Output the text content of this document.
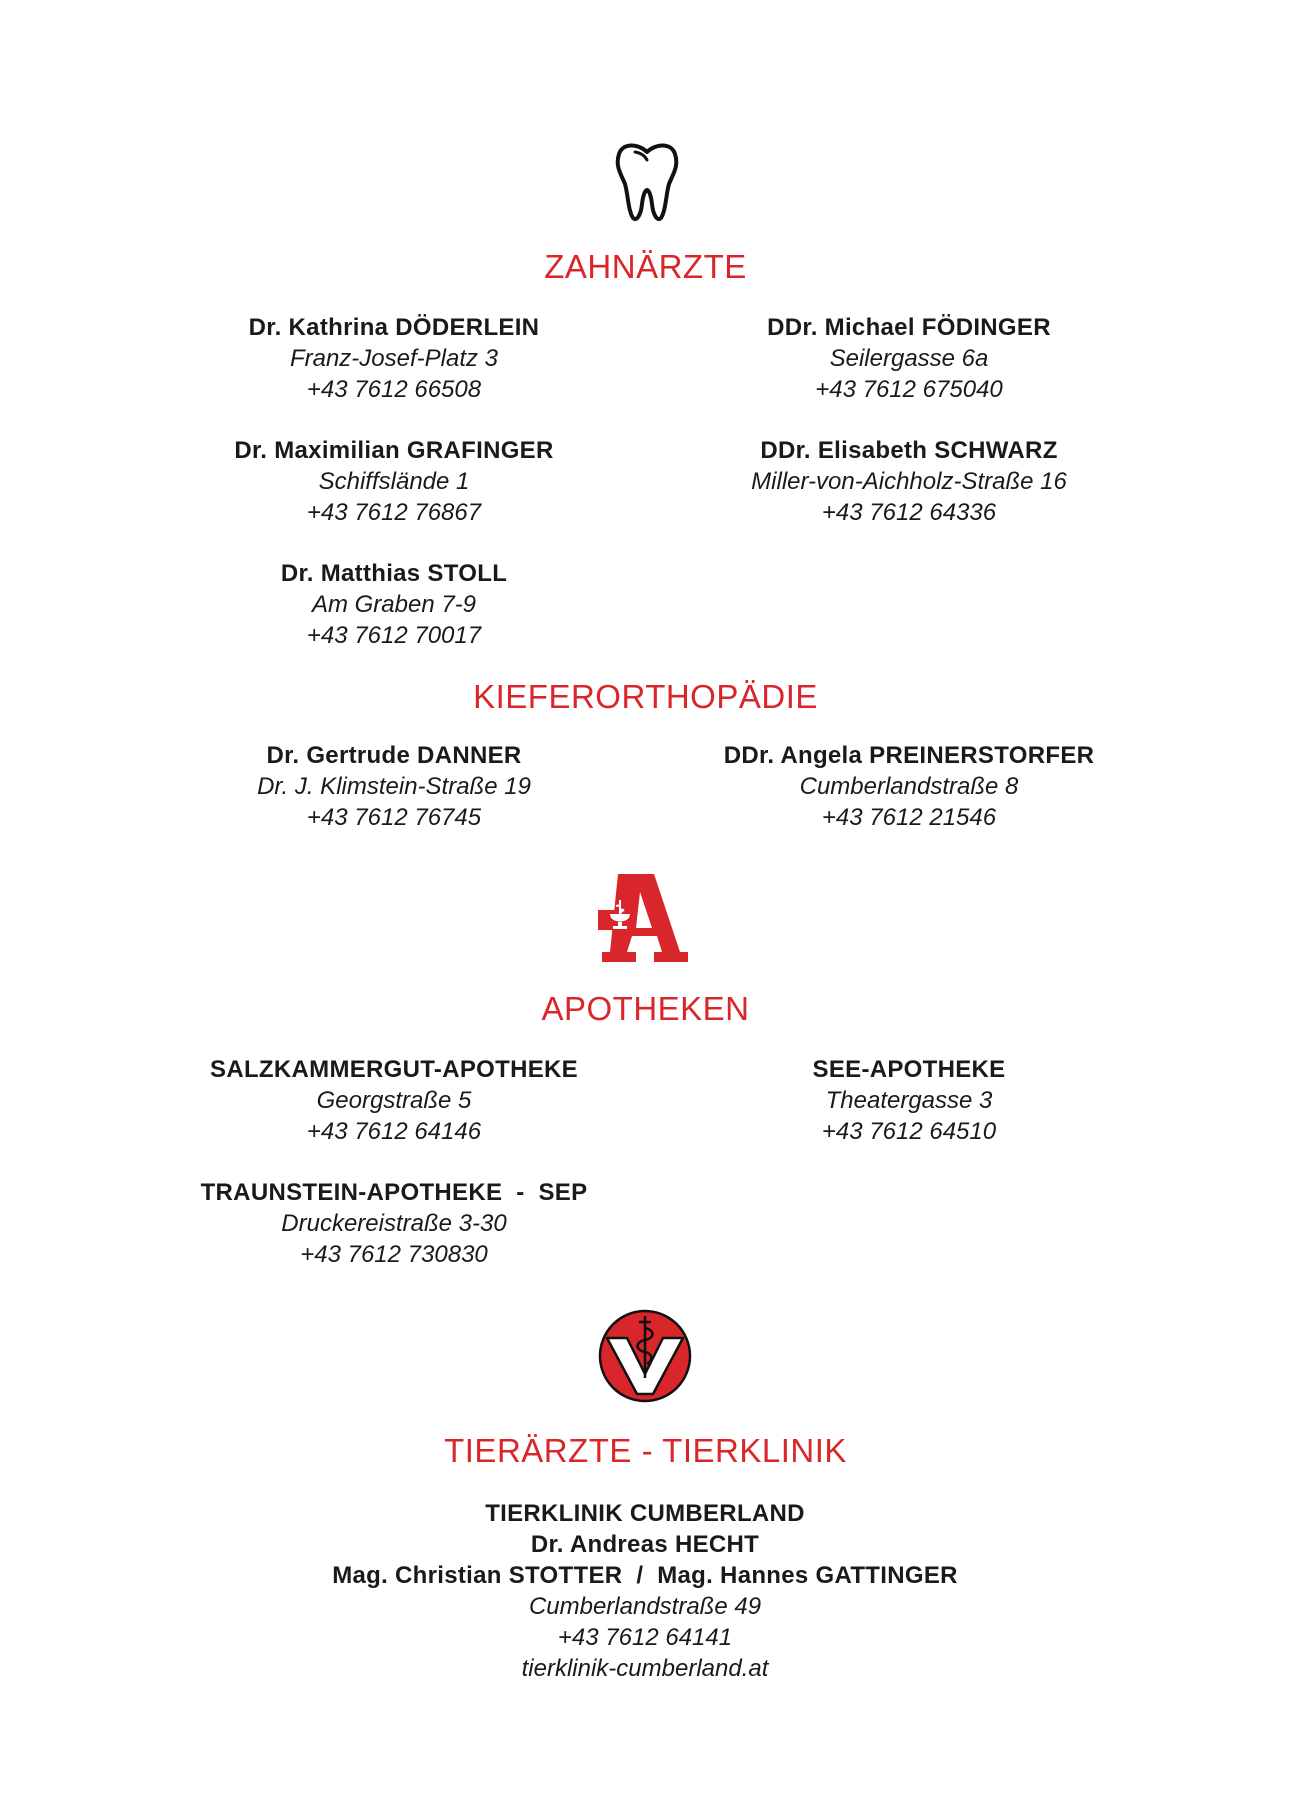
ZAHNÄRZTE
Dr. Kathrina DÖDERLEIN
Franz-Josef-Platz 3
+43 7612 66508
DDr. Michael FÖDINGER
Seilergasse 6a
+43 7612 675040
Dr. Maximilian GRAFINGER
Schiffslände 1
+43 7612 76867
DDr. Elisabeth SCHWARZ
Miller-von-Aichholz-Straße 16
+43 7612 64336
Dr. Matthias STOLL
Am Graben 7-9
+43 7612 70017
KIEFERORTHOPÄDIE
Dr. Gertrude DANNER
Dr. J. Klimstein-Straße 19
+43 7612 76745
DDr. Angela PREINERSTORFER
Cumberlandstraße 8
+43 7612 21546
APOTHEKEN
SALZKAMMERGUT-APOTHEKE
Georgstraße 5
+43 7612 64146
SEE-APOTHEKE
Theatergasse 3
+43 7612 64510
TRAUNSTEIN-APOTHEKE  -  SEP
Druckereistraße 3-30
+43 7612 730830
TIERÄRZTE - TIERKLINIK
TIERKLINIK CUMBERLAND
Dr. Andreas HECHT
Mag. Christian STOTTER  /  Mag. Hannes GATTINGER
Cumberlandstraße 49
+43 7612 64141
tierklinik-cumberland.at
